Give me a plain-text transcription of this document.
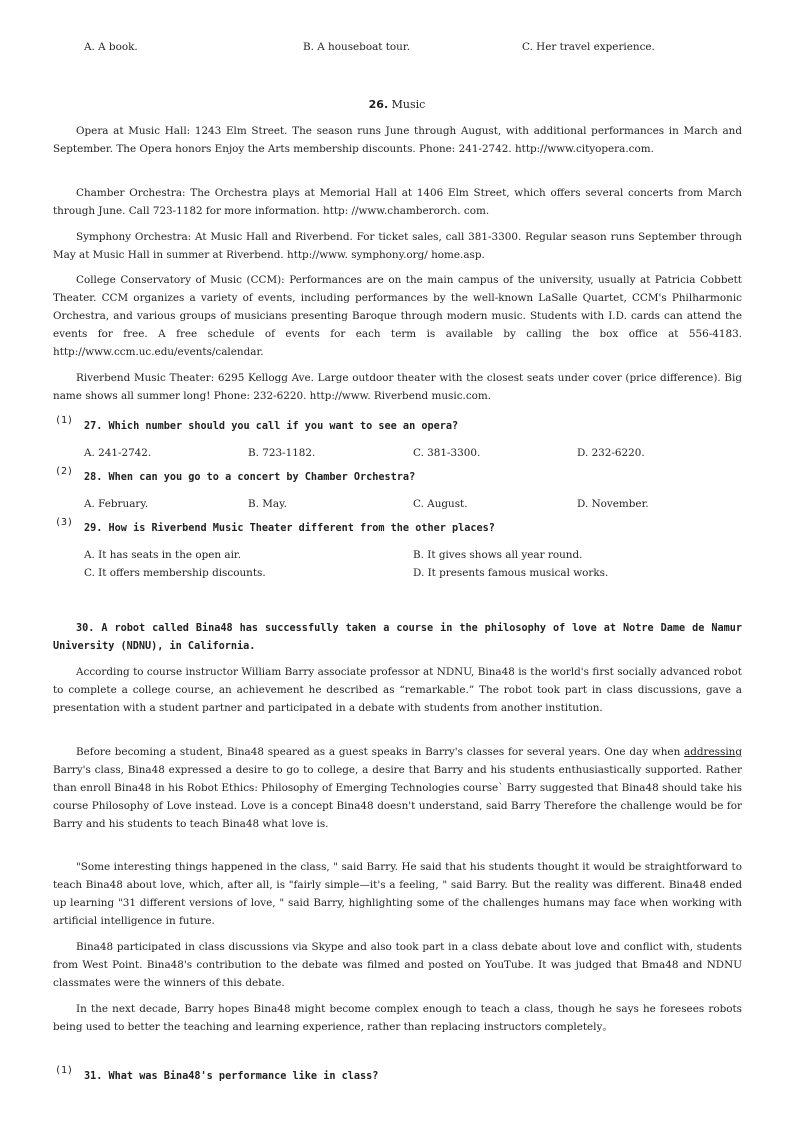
A. A book.	B. A houseboat tour.	C. Her travel experience.
26. Music

Opera at Music Hall: 1243 Elm Street. The season runs June through August, with additional performances in March and September. The Opera honors Enjoy the Arts membership discounts. Phone: 241-2742. http://www.cityopera.com.

Chamber Orchestra: The Orchestra plays at Memorial Hall at 1406 Elm Street, which offers several concerts from March through June. Call 723-1182 for more information. http: //www.chamberorch. com.

Symphony Orchestra: At Music Hall and Riverbend. For ticket sales, call 381-3300. Regular season runs September through May at Music Hall in summer at Riverbend. http://www. symphony.org/ home.asp.

College Conservatory of Music (CCM): Performances are on the main campus of the university, usually at Patricia Cobbett Theater. CCM organizes a variety of events, including performances by the well-known LaSalle Quartet, CCM's Philharmonic Orchestra, and various groups of musicians presenting Baroque through modern music. Students with I.D. cards can attend the events for free. A free schedule of events for each term is available by calling the box office at 556-4183. http://www.ccm.uc.edu/events/calendar.

Riverbend Music Theater: 6295 Kellogg Ave. Large outdoor theater with the closest seats under cover (price difference). Big name shows all summer long! Phone: 232-6220. http://www. Riverbend music.com.

(1)
27. Which number should you call if you want to see an opera?
A. 241-2742.	B. 723-1182.	C. 381-3300.	D. 232-6220.
(2)
28. When can you go to a concert by Chamber Orchestra?
A. February.	B. May.	C. August.	D. November.
(3)
29. How is Riverbend Music Theater different from the other places?
A. It has seats in the open air.	B. It gives shows all year round.
C. It offers membership discounts.	D. It presents famous musical works.

30. A robot called Bina48 has successfully taken a course in the philosophy of love at Notre Dame de Namur University (NDNU), in California.

According to course instructor William Barry associate professor at NDNU, Bina48 is the world's first socially advanced robot to complete a college course, an achievement he described as “remarkable.” The robot took part in class discussions, gave a presentation with a student partner and participated in a debate with students from another institution.

Before becoming a student, Bina48 speared as a guest speaks in Barry's classes for several years. One day when addressing Barry's class, Bina48 expressed a desire to go to college, a desire that Barry and his students enthusiastically supported. Rather than enroll Bina48 in his Robot Ethics: Philosophy of Emerging Technologies course` Barry suggested that Bina48 should take his course Philosophy of Love instead. Love is a concept Bina48 doesn't understand, said Barry Therefore the challenge would be for Barry and his students to teach Bina48 what love is.

"Some interesting things happened in the class, " said Barry. He said that his students thought it would be straightforward to teach Bina48 about love, which, after all, is "fairly simple—it's a feeling, " said Barry. But the reality was different. Bina48 ended up learning "31 different versions of love, " said Barry, highlighting some of the challenges humans may face when working with artificial intelligence in future.

Bina48 participated in class discussions via Skype and also took part in a class debate about love and conflict with, students from West Point. Bina48's contribution to the debate was filmed and posted on YouTube. It was judged that Bma48 and NDNU classmates were the winners of this debate.

In the next decade, Barry hopes Bina48 might become complex enough to teach a class, though he says he foresees robots being used to better the teaching and learning experience, rather than replacing instructors completely。

(1)
31. What was Bina48's performance like in class?
